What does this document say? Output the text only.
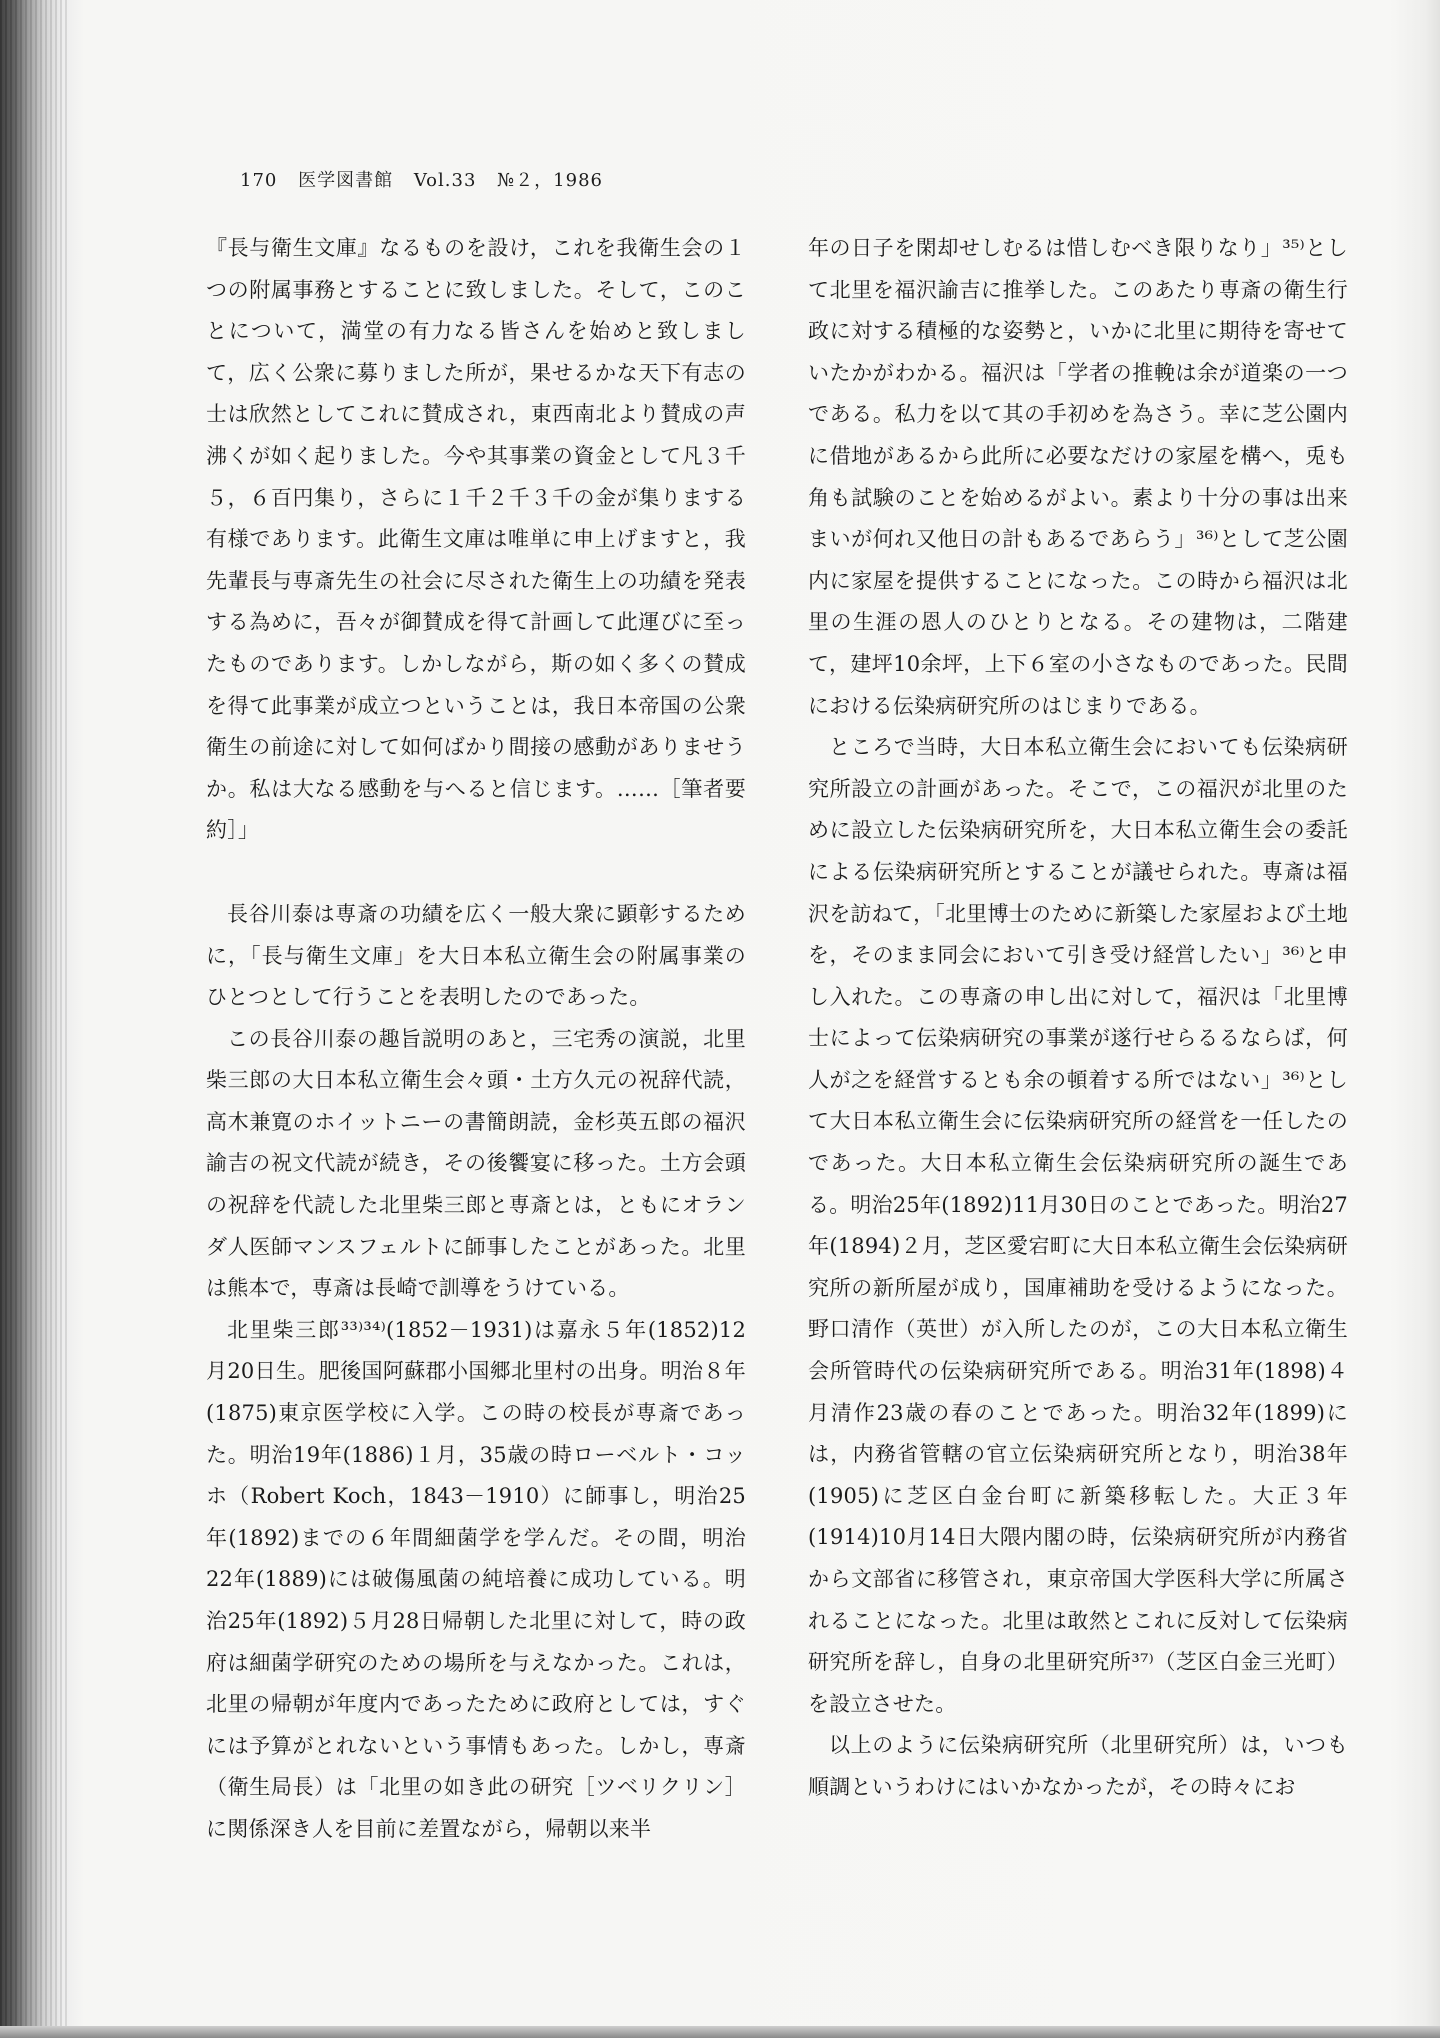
170 医学図書館 Vol.33 №２，1986

『長与衛生文庫』なるものを設け，これを我衛生会の１つの附属事務とすることに致しました。そして，このことについて，満堂の有力なる皆さんを始めと致しまして，広く公衆に募りました所が，果せるかな天下有志の士は欣然としてこれに賛成され，東西南北より賛成の声沸くが如く起りました。今や其事業の資金として凡３千５，６百円集り，さらに１千２千３千の金が集りまする有様であります。此衛生文庫は唯単に申上げますと，我先輩長与専斎先生の社会に尽された衛生上の功績を発表する為めに，吾々が御賛成を得て計画して此運びに至ったものであります。しかしながら，斯の如く多くの賛成を得て此事業が成立つということは，我日本帝国の公衆衛生の前途に対して如何ばかり間接の感動がありませうか。私は大なる感動を与へると信じます。……［筆者要約］」

長谷川泰は専斎の功績を広く一般大衆に顕彰するために，「長与衛生文庫」を大日本私立衛生会の附属事業のひとつとして行うことを表明したのであった。

この長谷川泰の趣旨説明のあと，三宅秀の演説，北里柴三郎の大日本私立衛生会々頭・土方久元の祝辞代読，高木兼寛のホイットニーの書簡朗読，金杉英五郎の福沢諭吉の祝文代読が続き，その後饗宴に移った。土方会頭の祝辞を代読した北里柴三郎と専斎とは，ともにオランダ人医師マンスフェルトに師事したことがあった。北里は熊本で，専斎は長崎で訓導をうけている。

北里柴三郎³³⁾³⁴⁾(1852－1931)は嘉永５年(1852)12月20日生。肥後国阿蘇郡小国郷北里村の出身。明治８年(1875)東京医学校に入学。この時の校長が専斎であった。明治19年(1886)１月，35歳の時ローベルト・コッホ（Robert Koch，1843－1910）に師事し，明治25年(1892)までの６年間細菌学を学んだ。その間，明治22年(1889)には破傷風菌の純培養に成功している。明治25年(1892)５月28日帰朝した北里に対して，時の政府は細菌学研究のための場所を与えなかった。これは，北里の帰朝が年度内であったために政府としては，すぐには予算がとれないという事情もあった。しかし，専斎（衛生局長）は「北里の如き此の研究［ツベリクリン］に関係深き人を目前に差置ながら，帰朝以来半

年の日子を閑却せしむるは惜しむべき限りなり」³⁵⁾として北里を福沢諭吉に推挙した。このあたり専斎の衛生行政に対する積極的な姿勢と，いかに北里に期待を寄せていたかがわかる。福沢は「学者の推輓は余が道楽の一つである。私力を以て其の手初めを為さう。幸に芝公園内に借地があるから此所に必要なだけの家屋を構へ，兎も角も試験のことを始めるがよい。素より十分の事は出来まいが何れ又他日の計もあるであらう」³⁶⁾として芝公園内に家屋を提供することになった。この時から福沢は北里の生涯の恩人のひとりとなる。その建物は，二階建て，建坪10余坪，上下６室の小さなものであった。民間における伝染病研究所のはじまりである。

ところで当時，大日本私立衛生会においても伝染病研究所設立の計画があった。そこで，この福沢が北里のために設立した伝染病研究所を，大日本私立衛生会の委託による伝染病研究所とすることが議せられた。専斎は福沢を訪ねて，「北里博士のために新築した家屋および土地を，そのまま同会において引き受け経営したい」³⁶⁾と申し入れた。この専斎の申し出に対して，福沢は「北里博士によって伝染病研究の事業が遂行せらるるならば，何人が之を経営するとも余の頓着する所ではない」³⁶⁾として大日本私立衛生会に伝染病研究所の経営を一任したのであった。大日本私立衛生会伝染病研究所の誕生である。明治25年(1892)11月30日のことであった。明治27年(1894)２月，芝区愛宕町に大日本私立衛生会伝染病研究所の新所屋が成り，国庫補助を受けるようになった。野口清作（英世）が入所したのが，この大日本私立衛生会所管時代の伝染病研究所である。明治31年(1898)４月清作23歳の春のことであった。明治32年(1899)には，内務省管轄の官立伝染病研究所となり，明治38年(1905)に芝区白金台町に新築移転した。大正３年(1914)10月14日大隈内閣の時，伝染病研究所が内務省から文部省に移管され，東京帝国大学医科大学に所属されることになった。北里は敢然とこれに反対して伝染病研究所を辞し，自身の北里研究所³⁷⁾（芝区白金三光町）を設立させた。

以上のように伝染病研究所（北里研究所）は，いつも順調というわけにはいかなかったが，その時々にお
